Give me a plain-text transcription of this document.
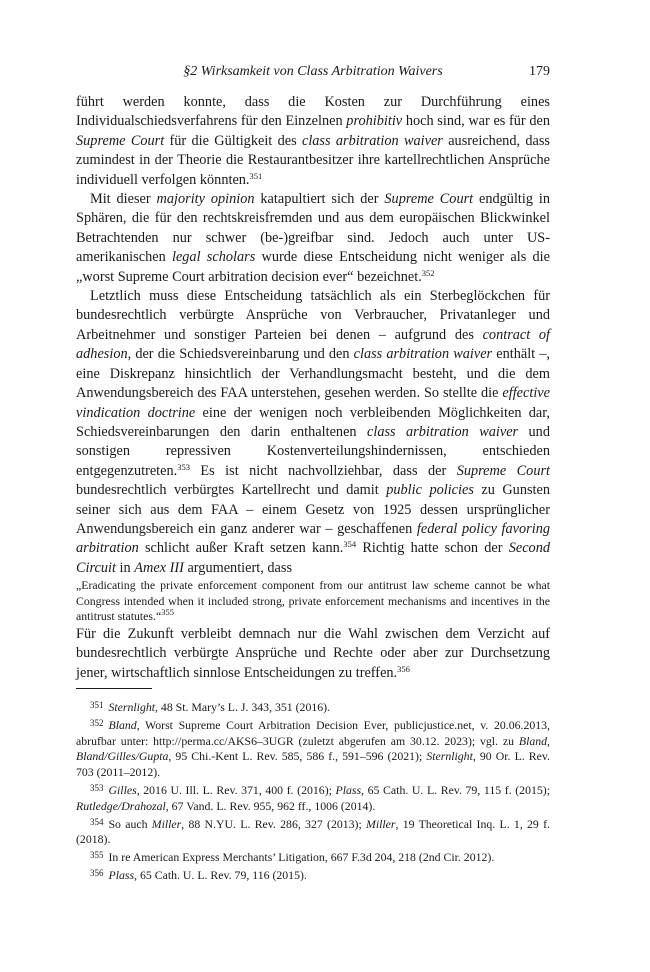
§2 Wirksamkeit von Class Arbitration Waivers	179

führt werden konnte, dass die Kosten zur Durchführung eines Individualschiedsverfahrens für den Einzelnen prohibitiv hoch sind, war es für den Supreme Court für die Gültigkeit des class arbitration waiver ausreichend, dass zumindest in der Theorie die Restaurantbesitzer ihre kartellrechtlichen Ansprüche individuell verfolgen könnten.$^{351}$

Mit dieser majority opinion katapultiert sich der Supreme Court endgültig in Sphären, die für den rechtskreisfremden und aus dem europäischen Blickwinkel Betrachtenden nur schwer (be-)greifbar sind. Jedoch auch unter US-amerikanischen legal scholars wurde diese Entscheidung nicht weniger als die „worst Supreme Court arbitration decision ever“ bezeichnet.$^{352}$

Letztlich muss diese Entscheidung tatsächlich als ein Sterbeglöckchen für bundesrechtlich verbürgte Ansprüche von Verbraucher, Privatanleger und Arbeitnehmer und sonstiger Parteien bei denen – aufgrund des contract of adhesion, der die Schiedsvereinbarung und den class arbitration waiver enthält –, eine Diskrepanz hinsichtlich der Verhandlungsmacht besteht, und die dem Anwendungsbereich des FAA unterstehen, gesehen werden. So stellte die effective vindication doctrine eine der wenigen noch verbleibenden Möglichkeiten dar, Schiedsvereinbarungen den darin enthaltenen class arbitration waiver und sonstigen repressiven Kostenverteilungshindernissen, entschieden entgegenzutreten.$^{353}$ Es ist nicht nachvollziehbar, dass der Supreme Court bundesrechtlich verbürgtes Kartellrecht und damit public policies zu Gunsten seiner sich aus dem FAA – einem Gesetz von 1925 dessen ursprünglicher Anwendungsbereich ein ganz anderer war – geschaffenen federal policy favoring arbitration schlicht außer Kraft setzen kann.$^{354}$ Richtig hatte schon der Second Circuit in Amex III argumentiert, dass

„Eradicating the private enforcement component from our antitrust law scheme cannot be what Congress intended when it included strong, private enforcement mechanisms and incentives in the antitrust statutes.“$^{355}$

Für die Zukunft verbleibt demnach nur die Wahl zwischen dem Verzicht auf bundesrechtlich verbürgte Ansprüche und Rechte oder aber zur Durchsetzung jener, wirtschaftlich sinnlose Entscheidungen zu treffen.$^{356}$

$^{351}$ Sternlight, 48 St. Mary’s L. J. 343, 351 (2016).

$^{352}$ Bland, Worst Supreme Court Arbitration Decision Ever, publicjustice.net, v. 20.06.2013, abrufbar unter: http://perma.cc/AKS6–3UGR (zuletzt abgerufen am 30.12. 2023); vgl. zu Bland, Bland/Gilles/Gupta, 95 Chi.-Kent L. Rev. 585, 586 f., 591–596 (2021); Sternlight, 90 Or. L. Rev. 703 (2011–2012).

$^{353}$ Gilles, 2016 U. Ill. L. Rev. 371, 400 f. (2016); Plass, 65 Cath. U. L. Rev. 79, 115 f. (2015); Rutledge/Drahozal, 67 Vand. L. Rev. 955, 962 ff., 1006 (2014).

$^{354}$ So auch Miller, 88 N.YU. L. Rev. 286, 327 (2013); Miller, 19 Theoretical Inq. L. 1, 29 f. (2018).

$^{355}$ In re American Express Merchants’ Litigation, 667 F.3d 204, 218 (2nd Cir. 2012).

$^{356}$ Plass, 65 Cath. U. L. Rev. 79, 116 (2015).
